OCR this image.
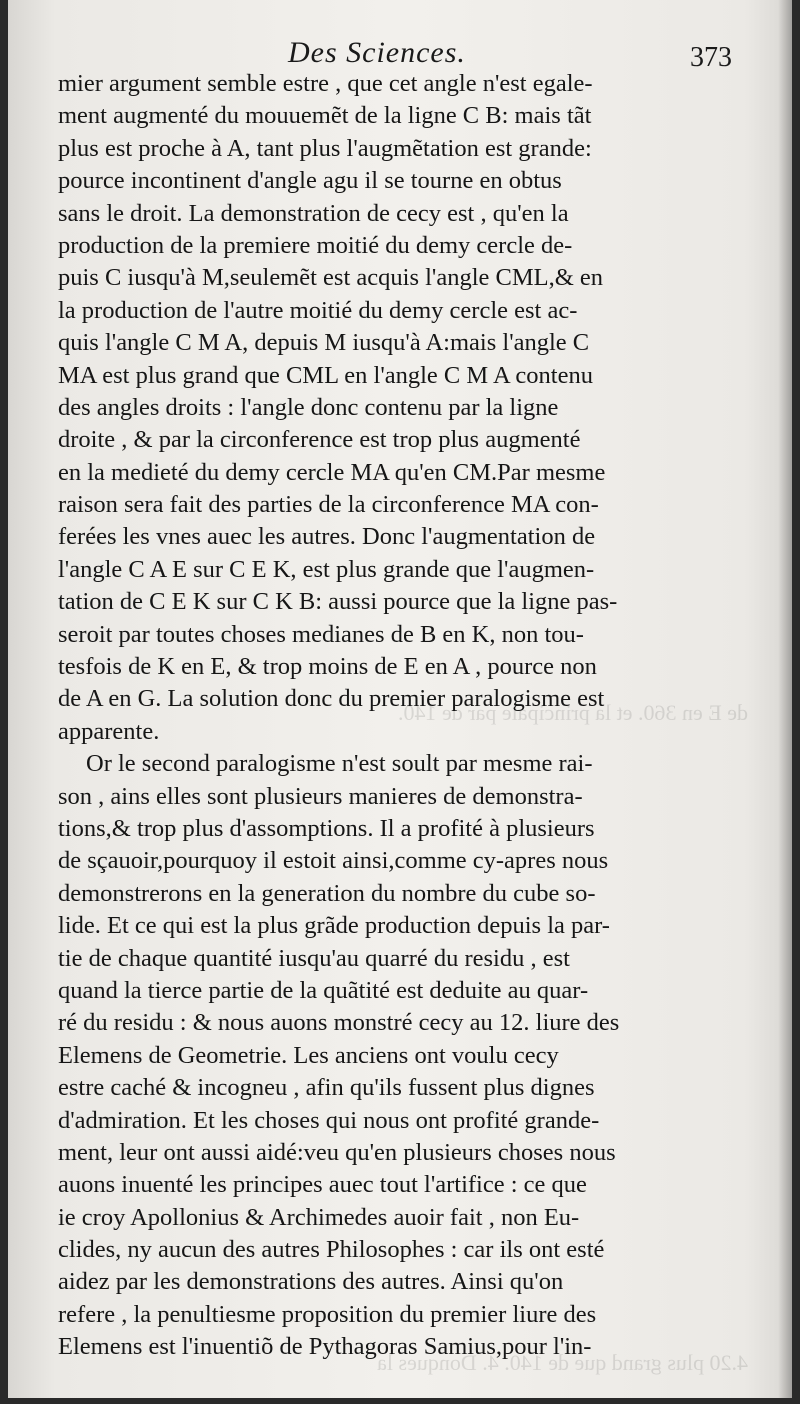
de E en 360. et la principale par de 140.
4.20 plus grand que de 140. 4. Donques la
Des Sciences.	373
mier argument semble estre , que cet angle n'est egale-
ment augmenté du mouuemẽt de la ligne C B: mais tãt
plus est proche à A, tant plus l'augmẽtation est grande:
pource incontinent d'angle agu il se tourne en obtus
sans le droit. La demonstration de cecy est , qu'en la
production de la premiere moitié du demy cercle de-
puis C iusqu'à M,seulemẽt est acquis l'angle CML,& en
la production de l'autre moitié du demy cercle est ac-
quis l'angle C M A, depuis M iusqu'à A:mais l'angle C
MA est plus grand que CML en l'angle C M A contenu
des angles droits : l'angle donc contenu par la ligne
droite , & par la circonference est trop plus augmenté
en la medieté du demy cercle MA qu'en CM.Par mesme
raison sera fait des parties de la circonference MA con-
ferées les vnes auec les autres. Donc l'augmentation de
l'angle C A E sur C E K, est plus grande que l'augmen-
tation de C E K sur C K B: aussi pource que la ligne pas-
seroit par toutes choses medianes de B en K, non tou-
tesfois de K en E, & trop moins de E en A , pource non
de A en G. La solution donc du premier paralogisme est
apparente.
Or le second paralogisme n'est soult par mesme rai-
son , ains elles sont plusieurs manieres de demonstra-
tions,& trop plus d'assomptions. Il a profité à plusieurs
de sçauoir,pourquoy il estoit ainsi,comme cy-apres nous
demonstrerons en la generation du nombre du cube so-
lide. Et ce qui est la plus grãde production depuis la par-
tie de chaque quantité iusqu'au quarré du residu , est
quand la tierce partie de la quãtité est deduite au quar-
ré du residu : & nous auons monstré cecy au 12. liure des
Elemens de Geometrie. Les anciens ont voulu cecy
estre caché & incogneu , afin qu'ils fussent plus dignes
d'admiration. Et les choses qui nous ont profité grande-
ment, leur ont aussi aidé:veu qu'en plusieurs choses nous
auons inuenté les principes auec tout l'artifice : ce que
ie croy Apollonius & Archimedes auoir fait , non Eu-
clides, ny aucun des autres Philosophes : car ils ont esté
aidez par les demonstrations des autres. Ainsi qu'on
refere , la penultiesme proposition du premier liure des
Elemens est l'inuentiõ de Pythagoras Samius,pour l'in-
